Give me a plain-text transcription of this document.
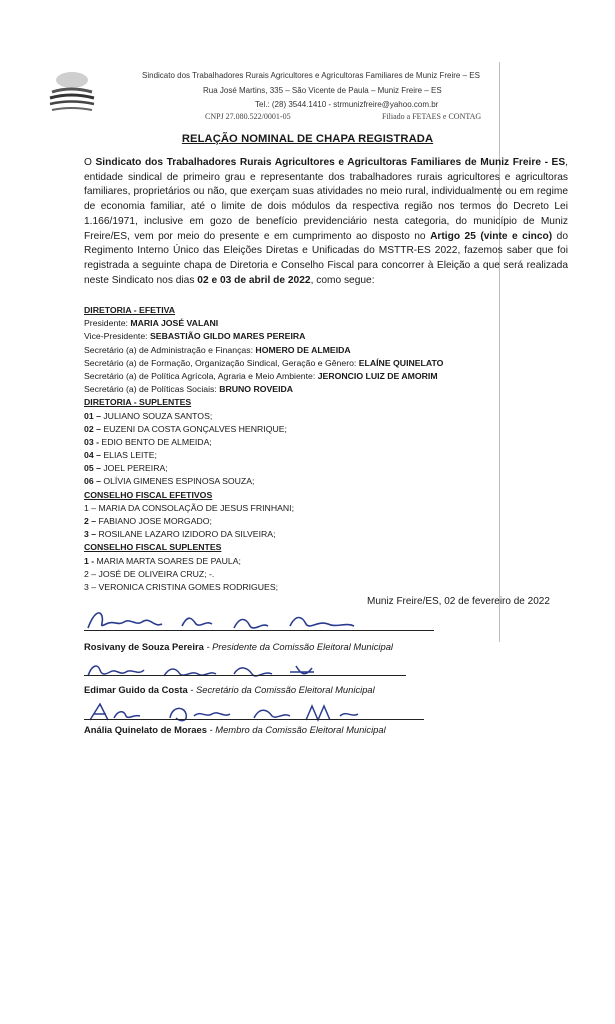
Sindicato dos Trabalhadores Rurais Agricultores e Agricultoras Familiares de Muniz Freire – ES
Rua José Martins, 335 – São Vicente de Paula – Muniz Freire – ES
Tel.: (28) 3544.1410 - strmunizfreire@yahoo.com.br
CNPJ 27.080.522/0001-05	Filiado a FETAES e CONTAG
RELAÇÃO NOMINAL DE CHAPA REGISTRADA
O Sindicato dos Trabalhadores Rurais Agricultores e Agricultoras Familiares de Muniz Freire - ES, entidade sindical de primeiro grau e representante dos trabalhadores rurais agricultores e agricultoras familiares, proprietários ou não, que exerçam suas atividades no meio rural, individualmente ou em regime de economia familiar, até o limite de dois módulos da respectiva região nos termos do Decreto Lei 1.166/1971, inclusive em gozo de benefício previdenciário nesta categoria, do município de Muniz Freire/ES, vem por meio do presente e em cumprimento ao disposto no Artigo 25 (vinte e cinco) do Regimento Interno Único das Eleições Diretas e Unificadas do MSTTR-ES 2022, fazemos saber que foi registrada a seguinte chapa de Diretoria e Conselho Fiscal para concorrer à Eleição a que será realizada neste Sindicato nos dias 02 e 03 de abril de 2022, como segue:
DIRETORIA - EFETIVA
Presidente: MARIA JOSÉ VALANI
Vice-Presidente: SEBASTIÃO GILDO MARES PEREIRA
Secretário (a) de Administração e Finanças: HOMERO DE ALMEIDA
Secretário (a) de Formação, Organização Sindical, Geração e Gênero: ELAÍNE QUINELATO
Secretário (a) de Política Agrícola, Agraria e Meio Ambiente: JERONCIO LUIZ DE AMORIM
Secretário (a) de Políticas Sociais: BRUNO ROVEIDA
DIRETORIA - SUPLENTES
01 – JULIANO SOUZA SANTOS;
02 – EUZENI DA COSTA GONÇALVES HENRIQUE;
03 - EDIO BENTO DE ALMEIDA;
04 – ELIAS LEITE;
05 – JOEL PEREIRA;
06 – OLÍVIA GIMENES ESPINOSA SOUZA;
CONSELHO FISCAL EFETIVOS
1 – MARIA DA CONSOLAÇÃO DE JESUS FRINHANI;
2 – FABIANO JOSE MORGADO;
3 – ROSILANE LAZARO IZIDORO DA SILVEIRA;
CONSELHO FISCAL SUPLENTES
1 - MARIA MARTA SOARES DE PAULA;
2 – JOSÉ DE OLIVEIRA CRUZ; -.
3 – VERONICA CRISTINA GOMES RODRIGUES;
Muniz Freire/ES, 02 de fevereiro de 2022
Rosivany de Souza Pereira - Presidente da Comissão Eleitoral Municipal
Edimar Guido da Costa - Secretário da Comissão Eleitoral Municipal
Anália Quinelato de Moraes - Membro da Comissão Eleitoral Municipal
